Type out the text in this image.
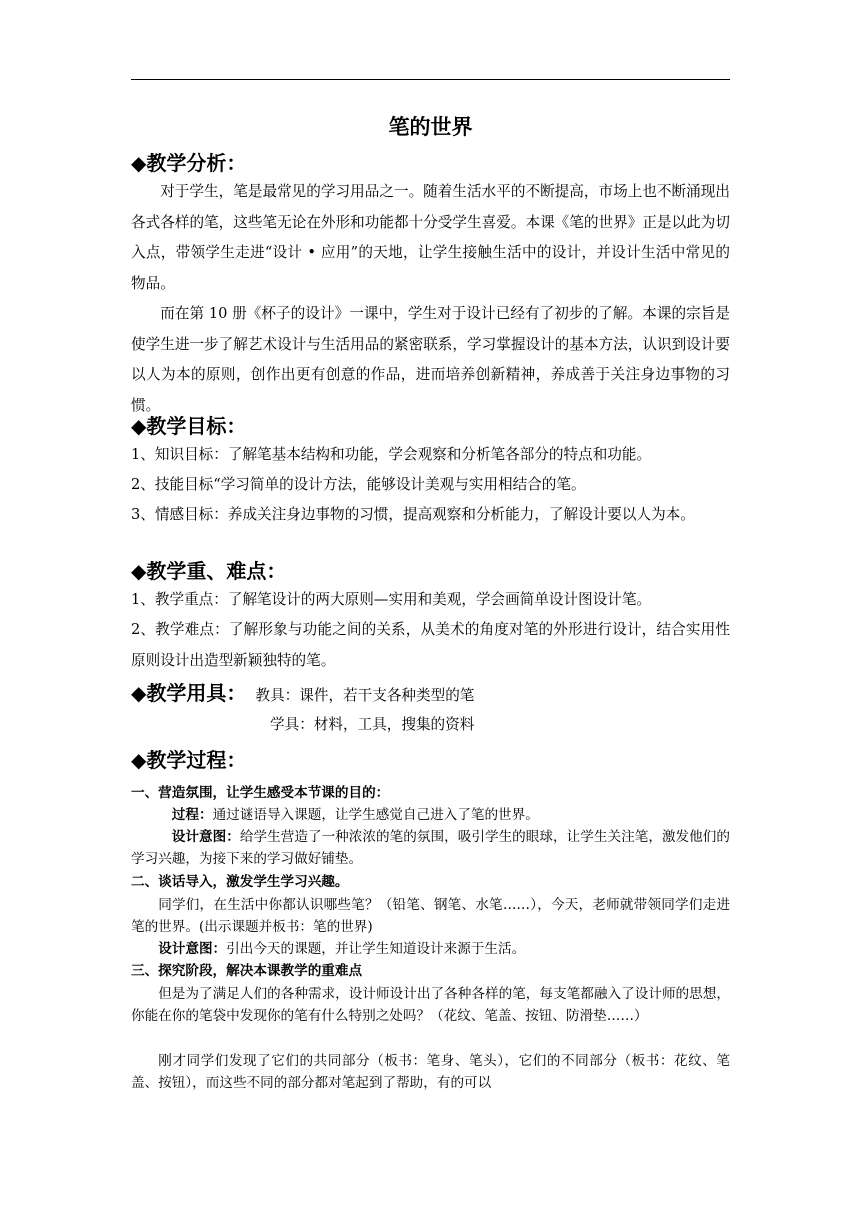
笔的世界
◆教学分析：
对于学生，笔是最常见的学习用品之一。随着生活水平的不断提高，市场上也不断涌现出各式各样的笔，这些笔无论在外形和功能都十分受学生喜爱。本课《笔的世界》正是以此为切入点，带领学生走进“设计 • 应用”的天地，让学生接触生活中的设计，并设计生活中常见的物品。
而在第 10 册《杯子的设计》一课中，学生对于设计已经有了初步的了解。本课的宗旨是使学生进一步了解艺术设计与生活用品的紧密联系，学习掌握设计的基本方法，认识到设计要以人为本的原则，创作出更有创意的作品，进而培养创新精神，养成善于关注身边事物的习惯。
◆教学目标：
1、知识目标：了解笔基本结构和功能，学会观察和分析笔各部分的特点和功能。
2、技能目标“学习简单的设计方法，能够设计美观与实用相结合的笔。
3、情感目标：养成关注身边事物的习惯，提高观察和分析能力，了解设计要以人为本。
◆教学重、难点：
1、教学重点：了解笔设计的两大原则—实用和美观，学会画简单设计图设计笔。
2、教学难点：了解形象与功能之间的关系，从美术的角度对笔的外形进行设计，结合实用性原则设计出造型新颖独特的笔。
◆教学用具： 教具：课件，若干支各种类型的笔
学具：材料，工具，搜集的资料
◆教学过程：
一、营造氛围，让学生感受本节课的目的：
过程：通过谜语导入课题，让学生感觉自己进入了笔的世界。
设计意图：给学生营造了一种浓浓的笔的氛围，吸引学生的眼球，让学生关注笔，激发他们的学习兴趣，为接下来的学习做好铺垫。
二、谈话导入，激发学生学习兴趣。
同学们，在生活中你都认识哪些笔？（铅笔、钢笔、水笔……），今天，老师就带领同学们走进笔的世界。(出示课题并板书：笔的世界)
设计意图：引出今天的课题，并让学生知道设计来源于生活。
三、探究阶段，解决本课教学的重难点
但是为了满足人们的各种需求，设计师设计出了各种各样的笔，每支笔都融入了设计师的思想，你能在你的笔袋中发现你的笔有什么特别之处吗？（花纹、笔盖、按钮、防滑垫……）
刚才同学们发现了它们的共同部分（板书：笔身、笔头），它们的不同部分（板书：花纹、笔盖、按钮），而这些不同的部分都对笔起到了帮助，有的可以
